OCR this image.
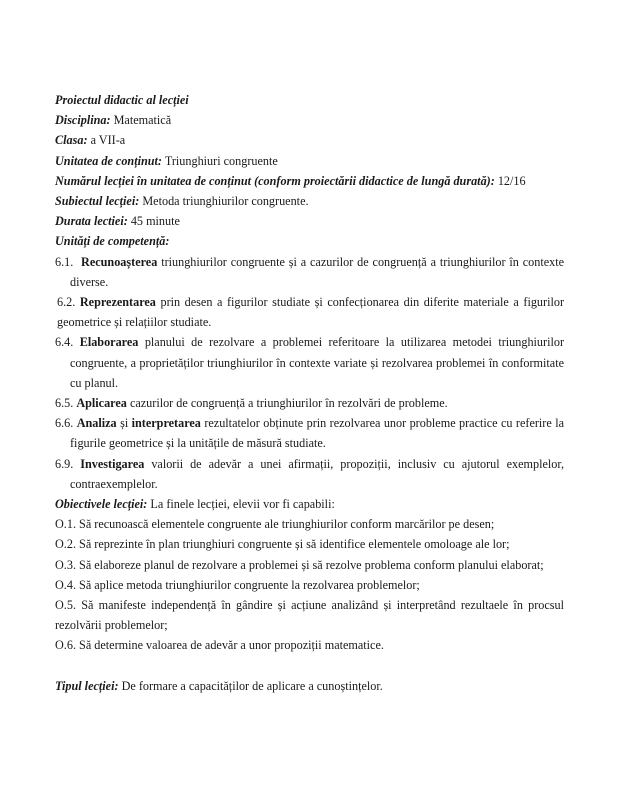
Proiectul didactic al lecției
Disciplina: Matematică
Clasa: a VII-a
Unitatea de conținut: Triunghiuri congruente
Numărul lecției în unitatea de conținut (conform proiectării didactice de lungă durată): 12/16
Subiectul lecției: Metoda triunghiurilor congruente.
Durata lectiei: 45 minute
Unități de competență:
6.1. Recunoașterea triunghiurilor congruente și a cazurilor de congruență a triunghiurilor în contexte diverse.
6.2. Reprezentarea prin desen a figurilor studiate și confecționarea din diferite materiale a figurilor geometrice și relațiilor studiate.
6.4. Elaborarea planului de rezolvare a problemei referitoare la utilizarea metodei triunghiurilor congruente, a proprietăților triunghiurilor în contexte variate și rezolvarea problemei în conformitate cu planul.
6.5. Aplicarea cazurilor de congruență a triunghiurilor în rezolvări de probleme.
6.6. Analiza și interpretarea rezultatelor obținute prin rezolvarea unor probleme practice cu referire la figurile geometrice și la unitățile de măsură studiate.
6.9. Investigarea valorii de adevăr a unei afirmații, propoziții, inclusiv cu ajutorul exemplelor, contraexemplelor.
Obiectivele lecției: La finele lecției, elevii vor fi capabili:
O.1. Să recunoască elementele congruente ale triunghiurilor conform marcărilor pe desen;
O.2. Să reprezinte în plan triunghiuri congruente și să identifice elementele omoloage ale lor;
O.3. Să elaboreze planul de rezolvare a problemei și să rezolve problema conform planului elaborat;
O.4. Să aplice metoda triunghiurilor congruente la rezolvarea problemelor;
O.5. Să manifeste independență în gândire și acțiune analizând și interpretând rezultaele în procsul rezolvării problemelor;
O.6. Să determine valoarea de adevăr a unor propoziții matematice.
Tipul lecției: De formare a capacităților de aplicare a cunoștințelor.
